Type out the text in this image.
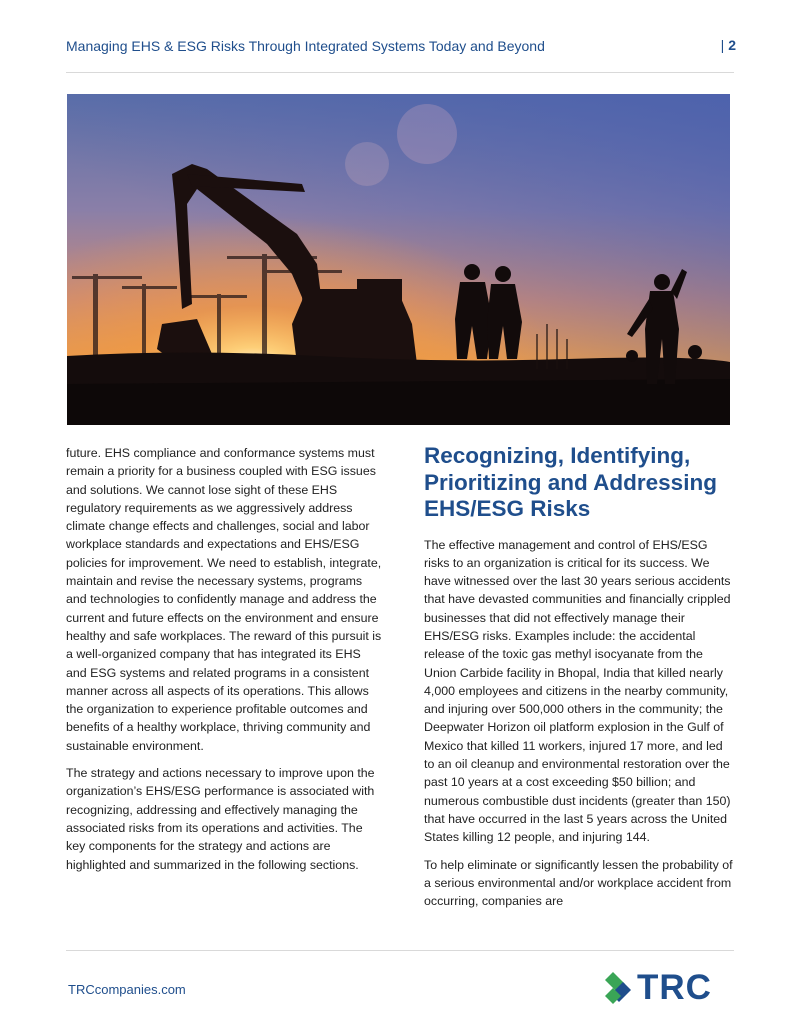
Managing EHS & ESG Risks Through Integrated Systems Today and Beyond	| 2

future. EHS compliance and conformance systems must remain a priority for a business coupled with ESG issues and solutions. We cannot lose sight of these EHS regulatory requirements as we aggressively address climate change effects and challenges, social and labor workplace standards and expectations and EHS/ESG policies for improvement. We need to establish, integrate, maintain and revise the necessary systems, programs and technologies to confidently manage and address the current and future effects on the environment and ensure healthy and safe workplaces. The reward of this pursuit is a well-organized company that has integrated its EHS and ESG systems and related programs in a consistent manner across all aspects of its operations. This allows the organization to experience profitable outcomes and benefits of a healthy workplace, thriving community and sustainable environment.

The strategy and actions necessary to improve upon the organization’s EHS/ESG performance is associated with recognizing, addressing and effectively managing the associated risks from its operations and activities. The key components for the strategy and actions are highlighted and summarized in the following sections.

Recognizing, Identifying, Prioritizing and Addressing EHS/ESG Risks

The effective management and control of EHS/ESG risks to an organization is critical for its success. We have witnessed over the last 30 years serious accidents that have devasted communities and financially crippled businesses that did not effectively manage their EHS/ESG risks. Examples include: the accidental release of the toxic gas methyl isocyanate from the Union Carbide facility in Bhopal, India that killed nearly 4,000 employees and citizens in the nearby community, and injuring over 500,000 others in the community; the Deepwater Horizon oil platform explosion in the Gulf of Mexico that killed 11 workers, injured 17 more, and led to an oil cleanup and environmental restoration over the past 10 years at a cost exceeding $50 billion; and numerous combustible dust incidents (greater than 150) that have occurred in the last 5 years across the United States killing 12 people, and injuring 144.

To help eliminate or significantly lessen the probability of a serious environmental and/or workplace accident from occurring, companies are

TRCcompanies.com	TRC
